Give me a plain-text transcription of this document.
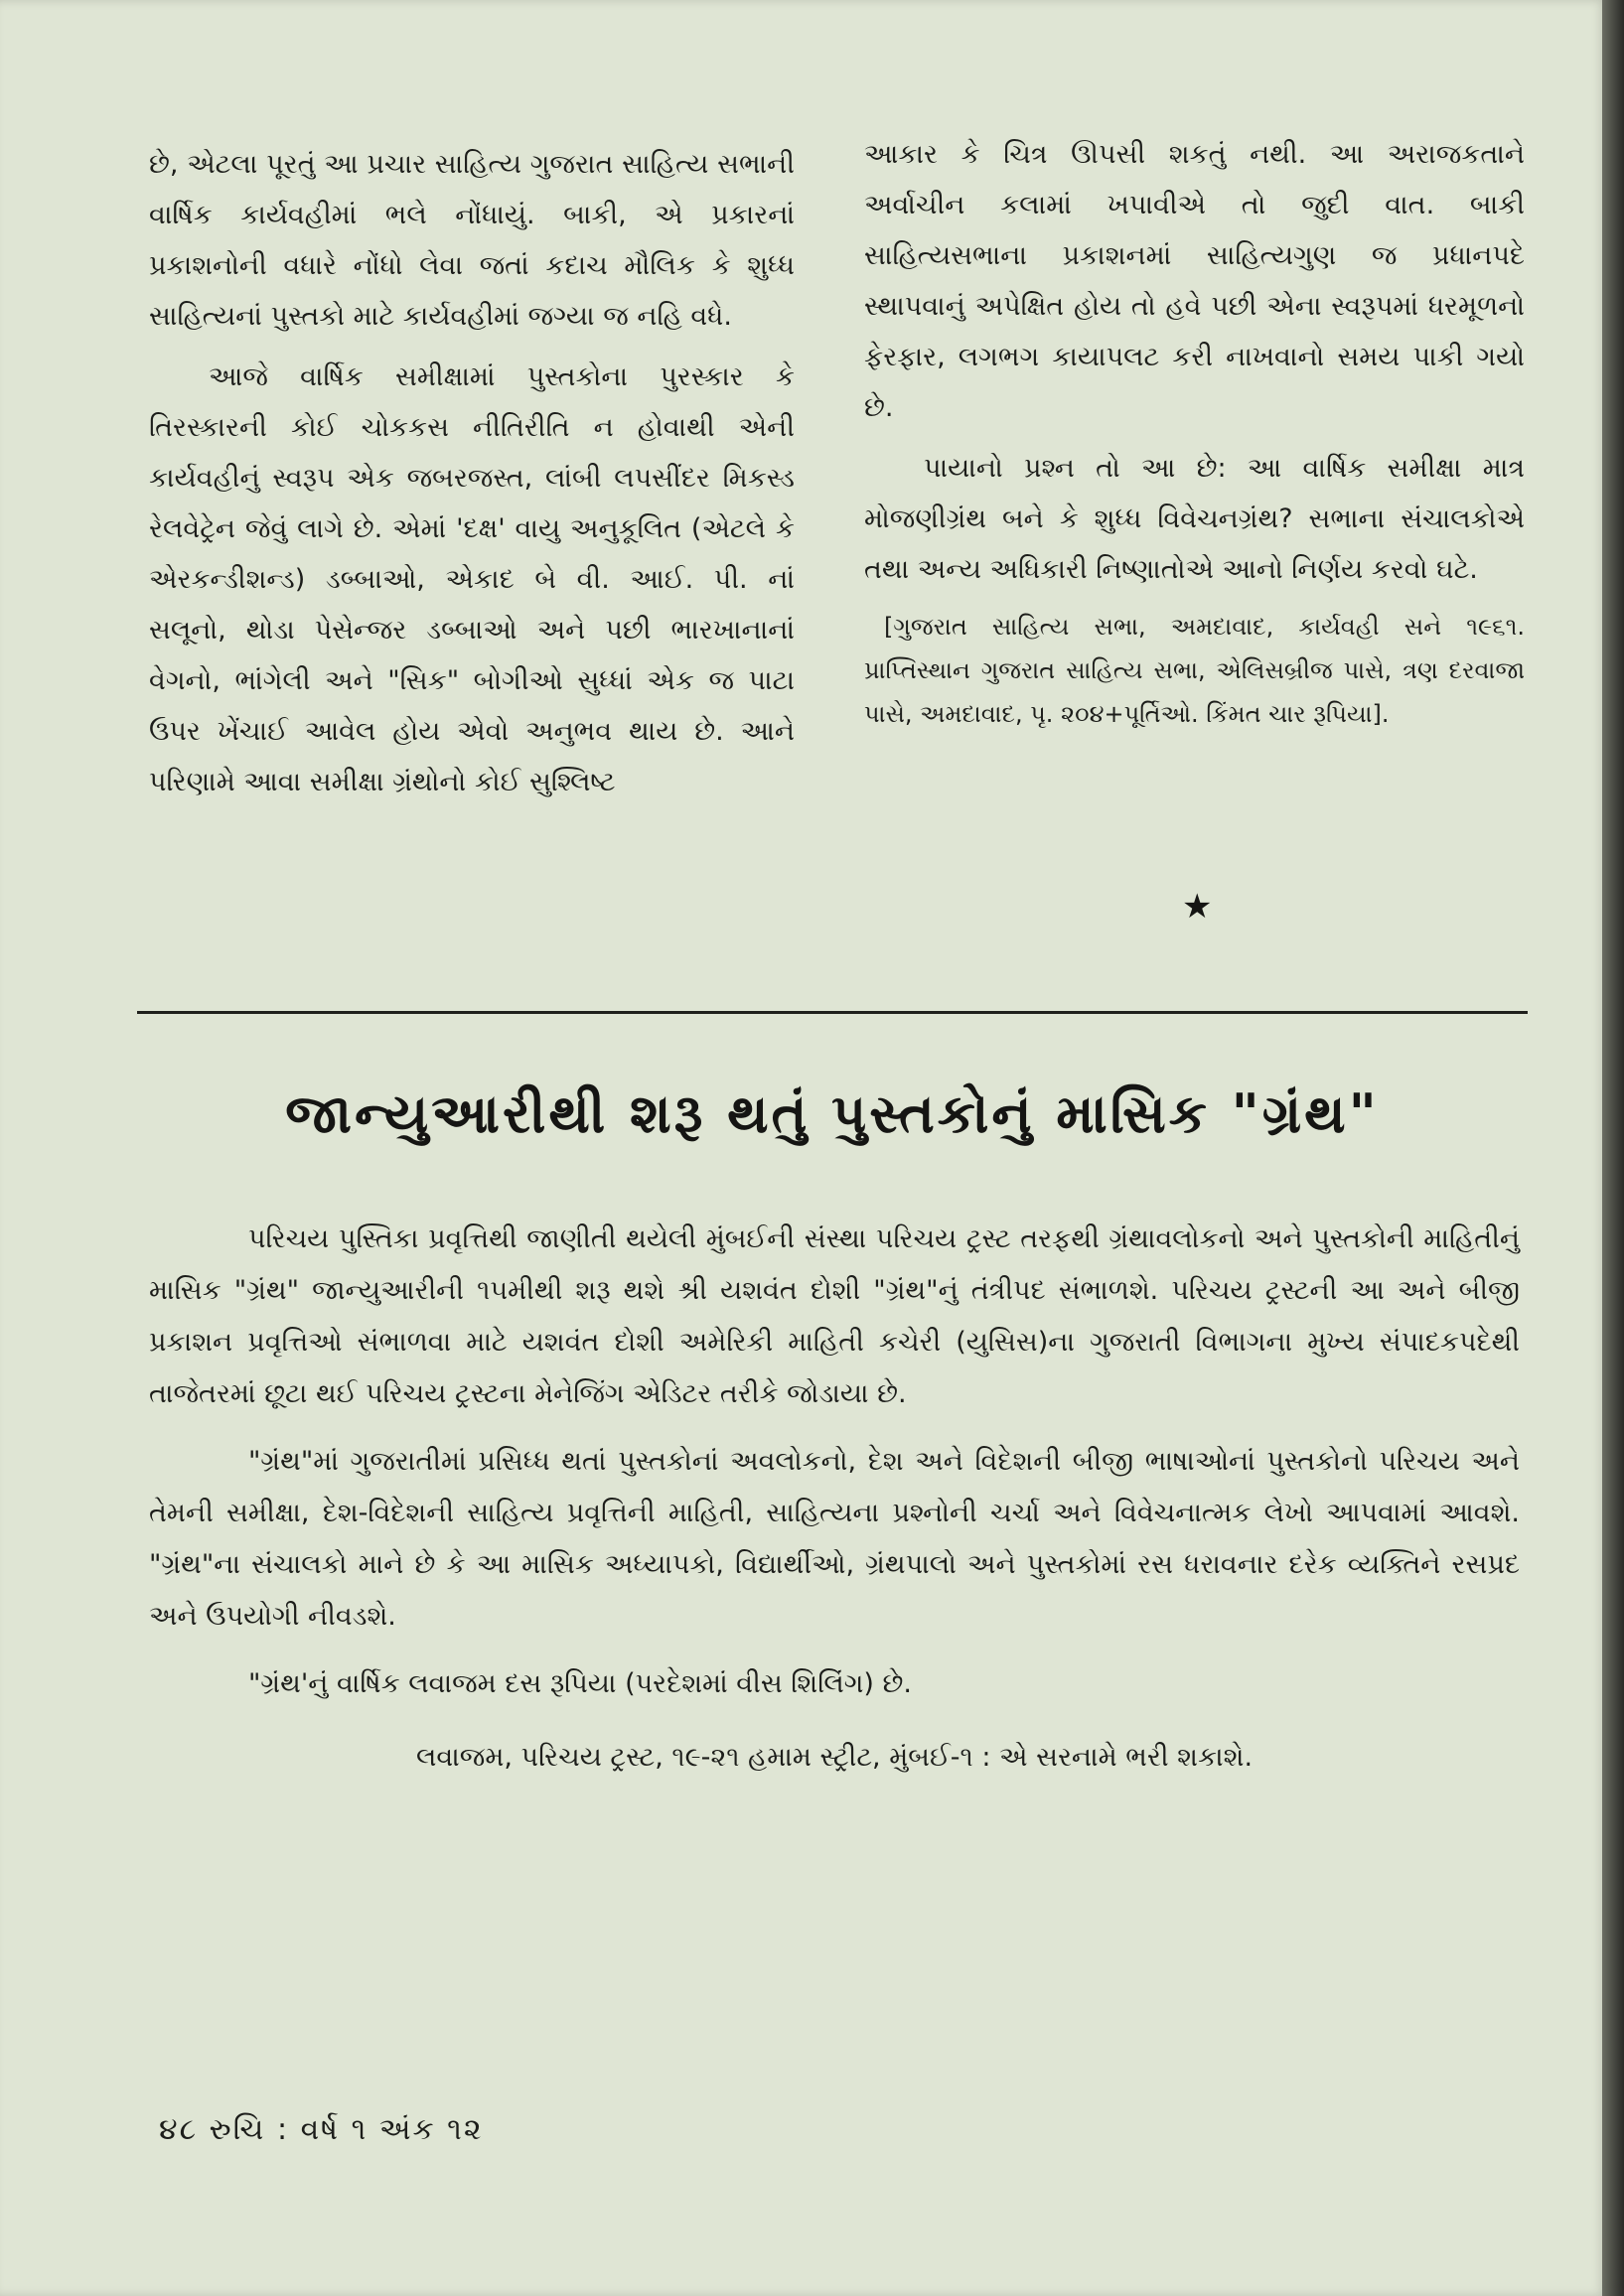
છે, એટલા પૂરતું આ પ્રચાર સાહિત્ય ગુજરાત સાહિત્ય સભાની વાર્ષિક કાર્યવહીમાં ભલે નોંધાયું. બાકી, એ પ્રકારનાં પ્રકાશનોની વધારે નોંધો લેવા જતાં કદાચ મૌલિક કે શુધ્ધ સાહિત્યનાં પુસ્તકો માટે કાર્યવહીમાં જગ્યા જ નહિ વધે.

આજે વાર્ષિક સમીક્ષામાં પુસ્તકોના પુરસ્કાર કે તિરસ્કારની કોઈ ચોકકસ નીતિરીતિ ન હોવાથી એની કાર્યવહીનું સ્વરૂપ એક જબરજસ્ત, લાંબી લપસીંદર મિકસ્ડ રેલવેટ્રેન જેવું લાગે છે. એમાં 'દક્ષ' વાયુ અનુકૂલિત (એટલે કે એરકન્ડીશન્ડ) ડબ્બાઓ, એકાદ બે વી. આઈ. પી. નાં સલૂનો, થોડા પેસેન્જર ડબ્બાઓ અને પછી ભારખાનાનાં વેગનો, ભાંગેલી અને "સિક" બોગીઓ સુધ્ધાં એક જ પાટા ઉપર ખેંચાઈ આવેલ હોય એવો અનુભવ થાય છે. આને પરિણામે આવા સમીક્ષા ગ્રંથોનો કોઈ સુશ્લિષ્ટ

આકાર કે ચિત્ર ઊપસી શકતું નથી. આ અરાજકતાને અર્વાચીન કલામાં ખપાવીએ તો જુદી વાત. બાકી સાહિત્યસભાના પ્રકાશનમાં સાહિત્યગુણ જ પ્રધાનપદે સ્થાપવાનું અપેક્ષિત હોય તો હવે પછી એના સ્વરૂપમાં ધરમૂળનો ફેરફાર, લગભગ કાયાપલટ કરી નાખવાનો સમય પાકી ગયો છે.

પાયાનો પ્રશ્ન તો આ છે: આ વાર્ષિક સમીક્ષા માત્ર મોજણીગ્રંથ બને કે શુધ્ધ વિવેચનગ્રંથ? સભાના સંચાલકોએ તથા અન્ય અધિકારી નિષ્ણાતોએ આનો નિર્ણય કરવો ઘટે.

[ગુજરાત સાહિત્ય સભા, અમદાવાદ, કાર્યવહી સને ૧૯૬૧. પ્રાપ્તિસ્થાન ગુજરાત સાહિત્ય સભા, એલિસબ્રીજ પાસે, ત્રણ દરવાજા પાસે, અમદાવાદ, પૃ. ૨૦૪+પૂર્તિઓ. કિંમત ચાર રૂપિયા].

★
જાન્યુઆરીથી શરૂ થતું પુસ્તકોનું માસિક "ગ્રંથ"

પરિચય પુસ્તિકા પ્રવૃત્તિથી જાણીતી થયેલી મુંબઈની સંસ્થા પરિચય ટ્રસ્ટ તરફથી ગ્રંથાવલોકનો અને પુસ્તકોની માહિતીનું માસિક "ગ્રંથ" જાન્યુઆરીની ૧૫મીથી શરૂ થશે શ્રી યશવંત દોશી "ગ્રંથ"નું તંત્રીપદ સંભાળશે. પરિચય ટ્રસ્ટની આ અને બીજી પ્રકાશન પ્રવૃત્તિઓ સંભાળવા માટે યશવંત દોશી અમેરિકી માહિતી કચેરી (યુસિસ)ના ગુજરાતી વિભાગના મુખ્ય સંપાદકપદેથી તાજેતરમાં છૂટા થઈ પરિચય ટ્રસ્ટના મેનેજિંગ એડિટર તરીકે જોડાયા છે.

"ગ્રંથ"માં ગુજરાતીમાં પ્રસિધ્ધ થતાં પુસ્તકોનાં અવલોકનો, દેશ અને વિદેશની બીજી ભાષાઓનાં પુસ્તકોનો પરિચય અને તેમની સમીક્ષા, દેશ-વિદેશની સાહિત્ય પ્રવૃત્તિની માહિતી, સાહિત્યના પ્રશ્નોની ચર્ચા અને વિવેચનાત્મક લેખો આપવામાં આવશે. "ગ્રંથ"ના સંચાલકો માને છે કે આ માસિક અધ્યાપકો, વિદ્યાર્થીઓ, ગ્રંથપાલો અને પુસ્તકોમાં રસ ધરાવનાર દરેક વ્યક્તિને રસપ્રદ અને ઉપયોગી નીવડશે.

"ગ્રંથ'નું વાર્ષિક લવાજમ દસ રૂપિયા (પરદેશમાં વીસ શિલિંગ) છે.

લવાજમ, પરિચય ટ્રસ્ટ, ૧૯-૨૧ હમામ સ્ટ્રીટ, મુંબઈ-૧ : એ સરનામે ભરી શકાશે.

૪૮ રુચિ : વર્ષ ૧ અંક ૧૨
